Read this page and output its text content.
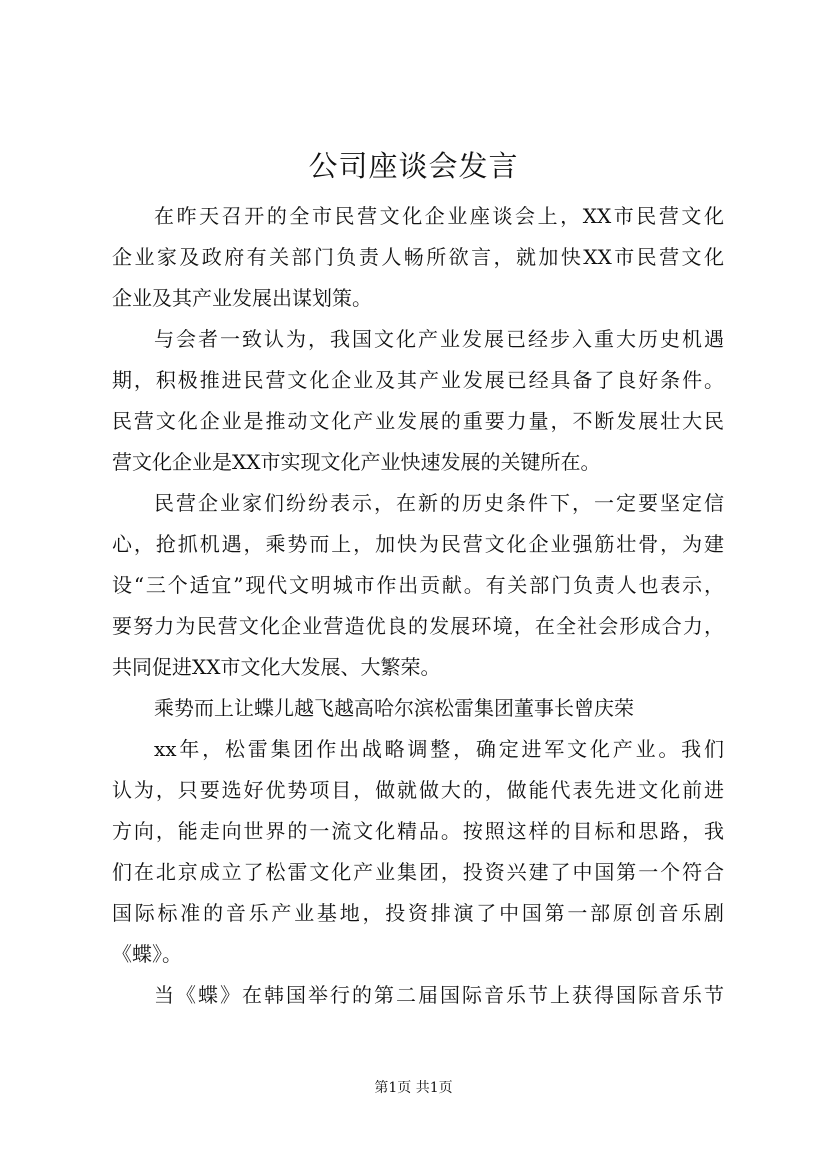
公司座谈会发言
在昨天召开的全市民营文化企业座谈会上，XX市民营文化
企业家及政府有关部门负责人畅所欲言，就加快XX市民营文化
企业及其产业发展出谋划策。
与会者一致认为，我国文化产业发展已经步入重大历史机遇
期，积极推进民营文化企业及其产业发展已经具备了良好条件。
民营文化企业是推动文化产业发展的重要力量，不断发展壮大民
营文化企业是XX市实现文化产业快速发展的关键所在。
民营企业家们纷纷表示，在新的历史条件下，一定要坚定信
心，抢抓机遇，乘势而上，加快为民营文化企业强筋壮骨，为建
设“三个适宜”现代文明城市作出贡献。有关部门负责人也表示，
要努力为民营文化企业营造优良的发展环境，在全社会形成合力，
共同促进XX市文化大发展、大繁荣。
乘势而上让蝶儿越飞越高哈尔滨松雷集团董事长曾庆荣
xx年，松雷集团作出战略调整，确定进军文化产业。我们
认为，只要选好优势项目，做就做大的，做能代表先进文化前进
方向，能走向世界的一流文化精品。按照这样的目标和思路，我
们在北京成立了松雷文化产业集团，投资兴建了中国第一个符合
国际标准的音乐产业基地，投资排演了中国第一部原创音乐剧
《蝶》。
当《蝶》在韩国举行的第二届国际音乐节上获得国际音乐节
第1页 共1页
